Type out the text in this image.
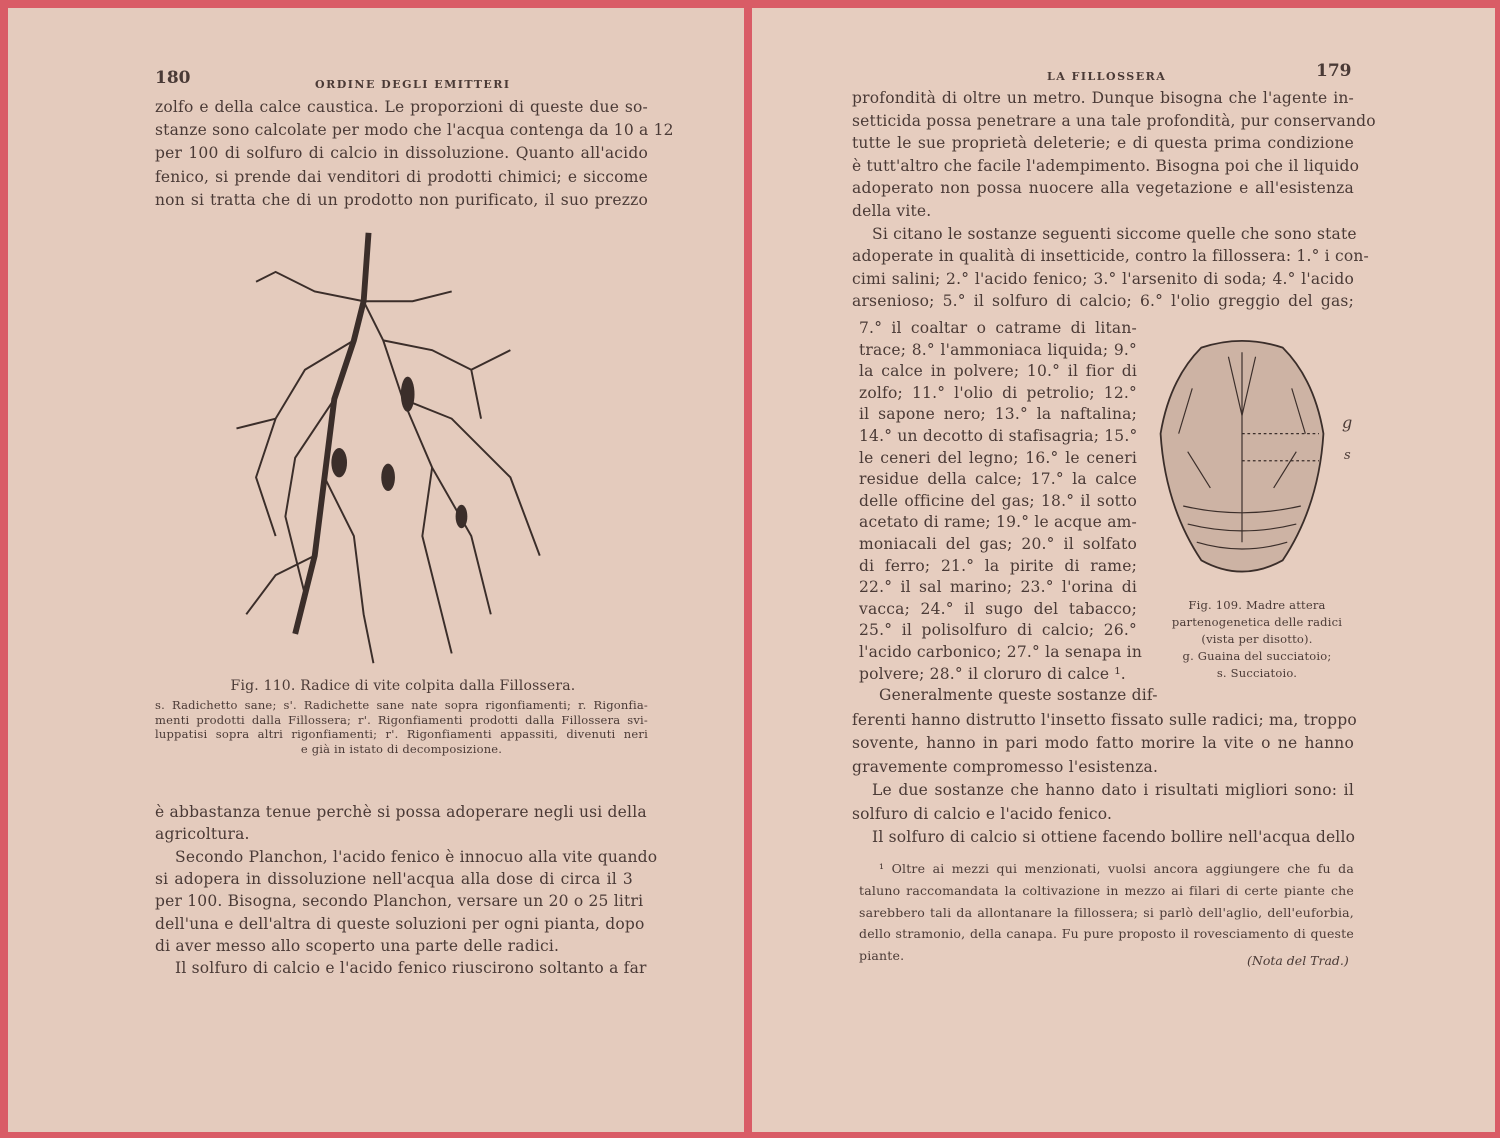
180	ORDINE DEGLI EMITTERI
Fig. 110. Radice di vite colpita dalla Fillossera.
s. Radichetto sane; s'. Radichette sane nate sopra rigonfiamenti; r. Rigonfia-
menti prodotti dalla Fillossera; r'. Rigonfiamenti prodotti dalla Fillossera svi-
luppatisi sopra altri rigonfiamenti; r'. Rigonfiamenti appassiti, divenuti neri
e già in istato di decomposizione.
zolfo e della calce caustica. Le proporzioni di queste due so-
stanze sono calcolate per modo che l'acqua contenga da 10 a 12
per 100 di solfuro di calcio in dissoluzione. Quanto all'acido
fenico, si prende dai venditori di prodotti chimici; e siccome
non si tratta che di un prodotto non purificato, il suo prezzo
è abbastanza tenue perchè si possa adoperare negli usi della
agricoltura.
Secondo Planchon, l'acido fenico è innocuo alla vite quando
si adopera in dissoluzione nell'acqua alla dose di circa il 3
per 100. Bisogna, secondo Planchon, versare un 20 o 25 litri
dell'una e dell'altra di queste soluzioni per ogni pianta, dopo
di aver messo allo scoperto una parte delle radici.
Il solfuro di calcio e l'acido fenico riuscirono soltanto a far
LA FILLOSSERA	179
g
s
Fig. 109. Madre attera
partenogenetica delle radici
(vista per disotto).
g. Guaina del succiatoio;
s. Succiatoio.
profondità di oltre un metro. Dunque bisogna che l'agente in-
setticida possa penetrare a una tale profondità, pur conservando
tutte le sue proprietà deleterie; e di questa prima condizione
è tutt'altro che facile l'adempimento. Bisogna poi che il liquido
adoperato non possa nuocere alla vegetazione e all'esistenza
della vite.
Si citano le sostanze seguenti siccome quelle che sono state
adoperate in qualità di insetticide, contro la fillossera: 1.° i con-
cimi salini; 2.° l'acido fenico; 3.° l'arsenito di soda; 4.° l'acido
arsenioso; 5.° il solfuro di calcio; 6.° l'olio greggio del gas;
7.° il coaltar o catrame di litan-
trace; 8.° l'ammoniaca liquida; 9.°
la calce in polvere; 10.° il fior di
zolfo; 11.° l'olio di petrolio; 12.°
il sapone nero; 13.° la naftalina;
14.° un decotto di stafisagria; 15.°
le ceneri del legno; 16.° le ceneri
residue della calce; 17.° la calce
delle officine del gas; 18.° il sotto
acetato di rame; 19.° le acque am-
moniacali del gas; 20.° il solfato
di ferro; 21.° la pirite di rame;
22.° il sal marino; 23.° l'orina di
vacca; 24.° il sugo del tabacco;
25.° il polisolfuro di calcio; 26.°
l'acido carbonico; 27.° la senapa in
polvere; 28.° il cloruro di calce ¹.
Generalmente queste sostanze dif-
ferenti hanno distrutto l'insetto fissato sulle radici; ma, troppo
sovente, hanno in pari modo fatto morire la vite o ne hanno
gravemente compromesso l'esistenza.
Le due sostanze che hanno dato i risultati migliori sono: il
solfuro di calcio e l'acido fenico.
Il solfuro di calcio si ottiene facendo bollire nell'acqua dello
¹ Oltre ai mezzi qui menzionati, vuolsi ancora aggiungere che fu da
taluno raccomandata la coltivazione in mezzo ai filari di certe piante che
sarebbero tali da allontanare la fillossera; si parlò dell'aglio, dell'euforbia,
dello stramonio, della canapa. Fu pure proposto il rovesciamento di queste
piante.	(Nota del Trad.)
